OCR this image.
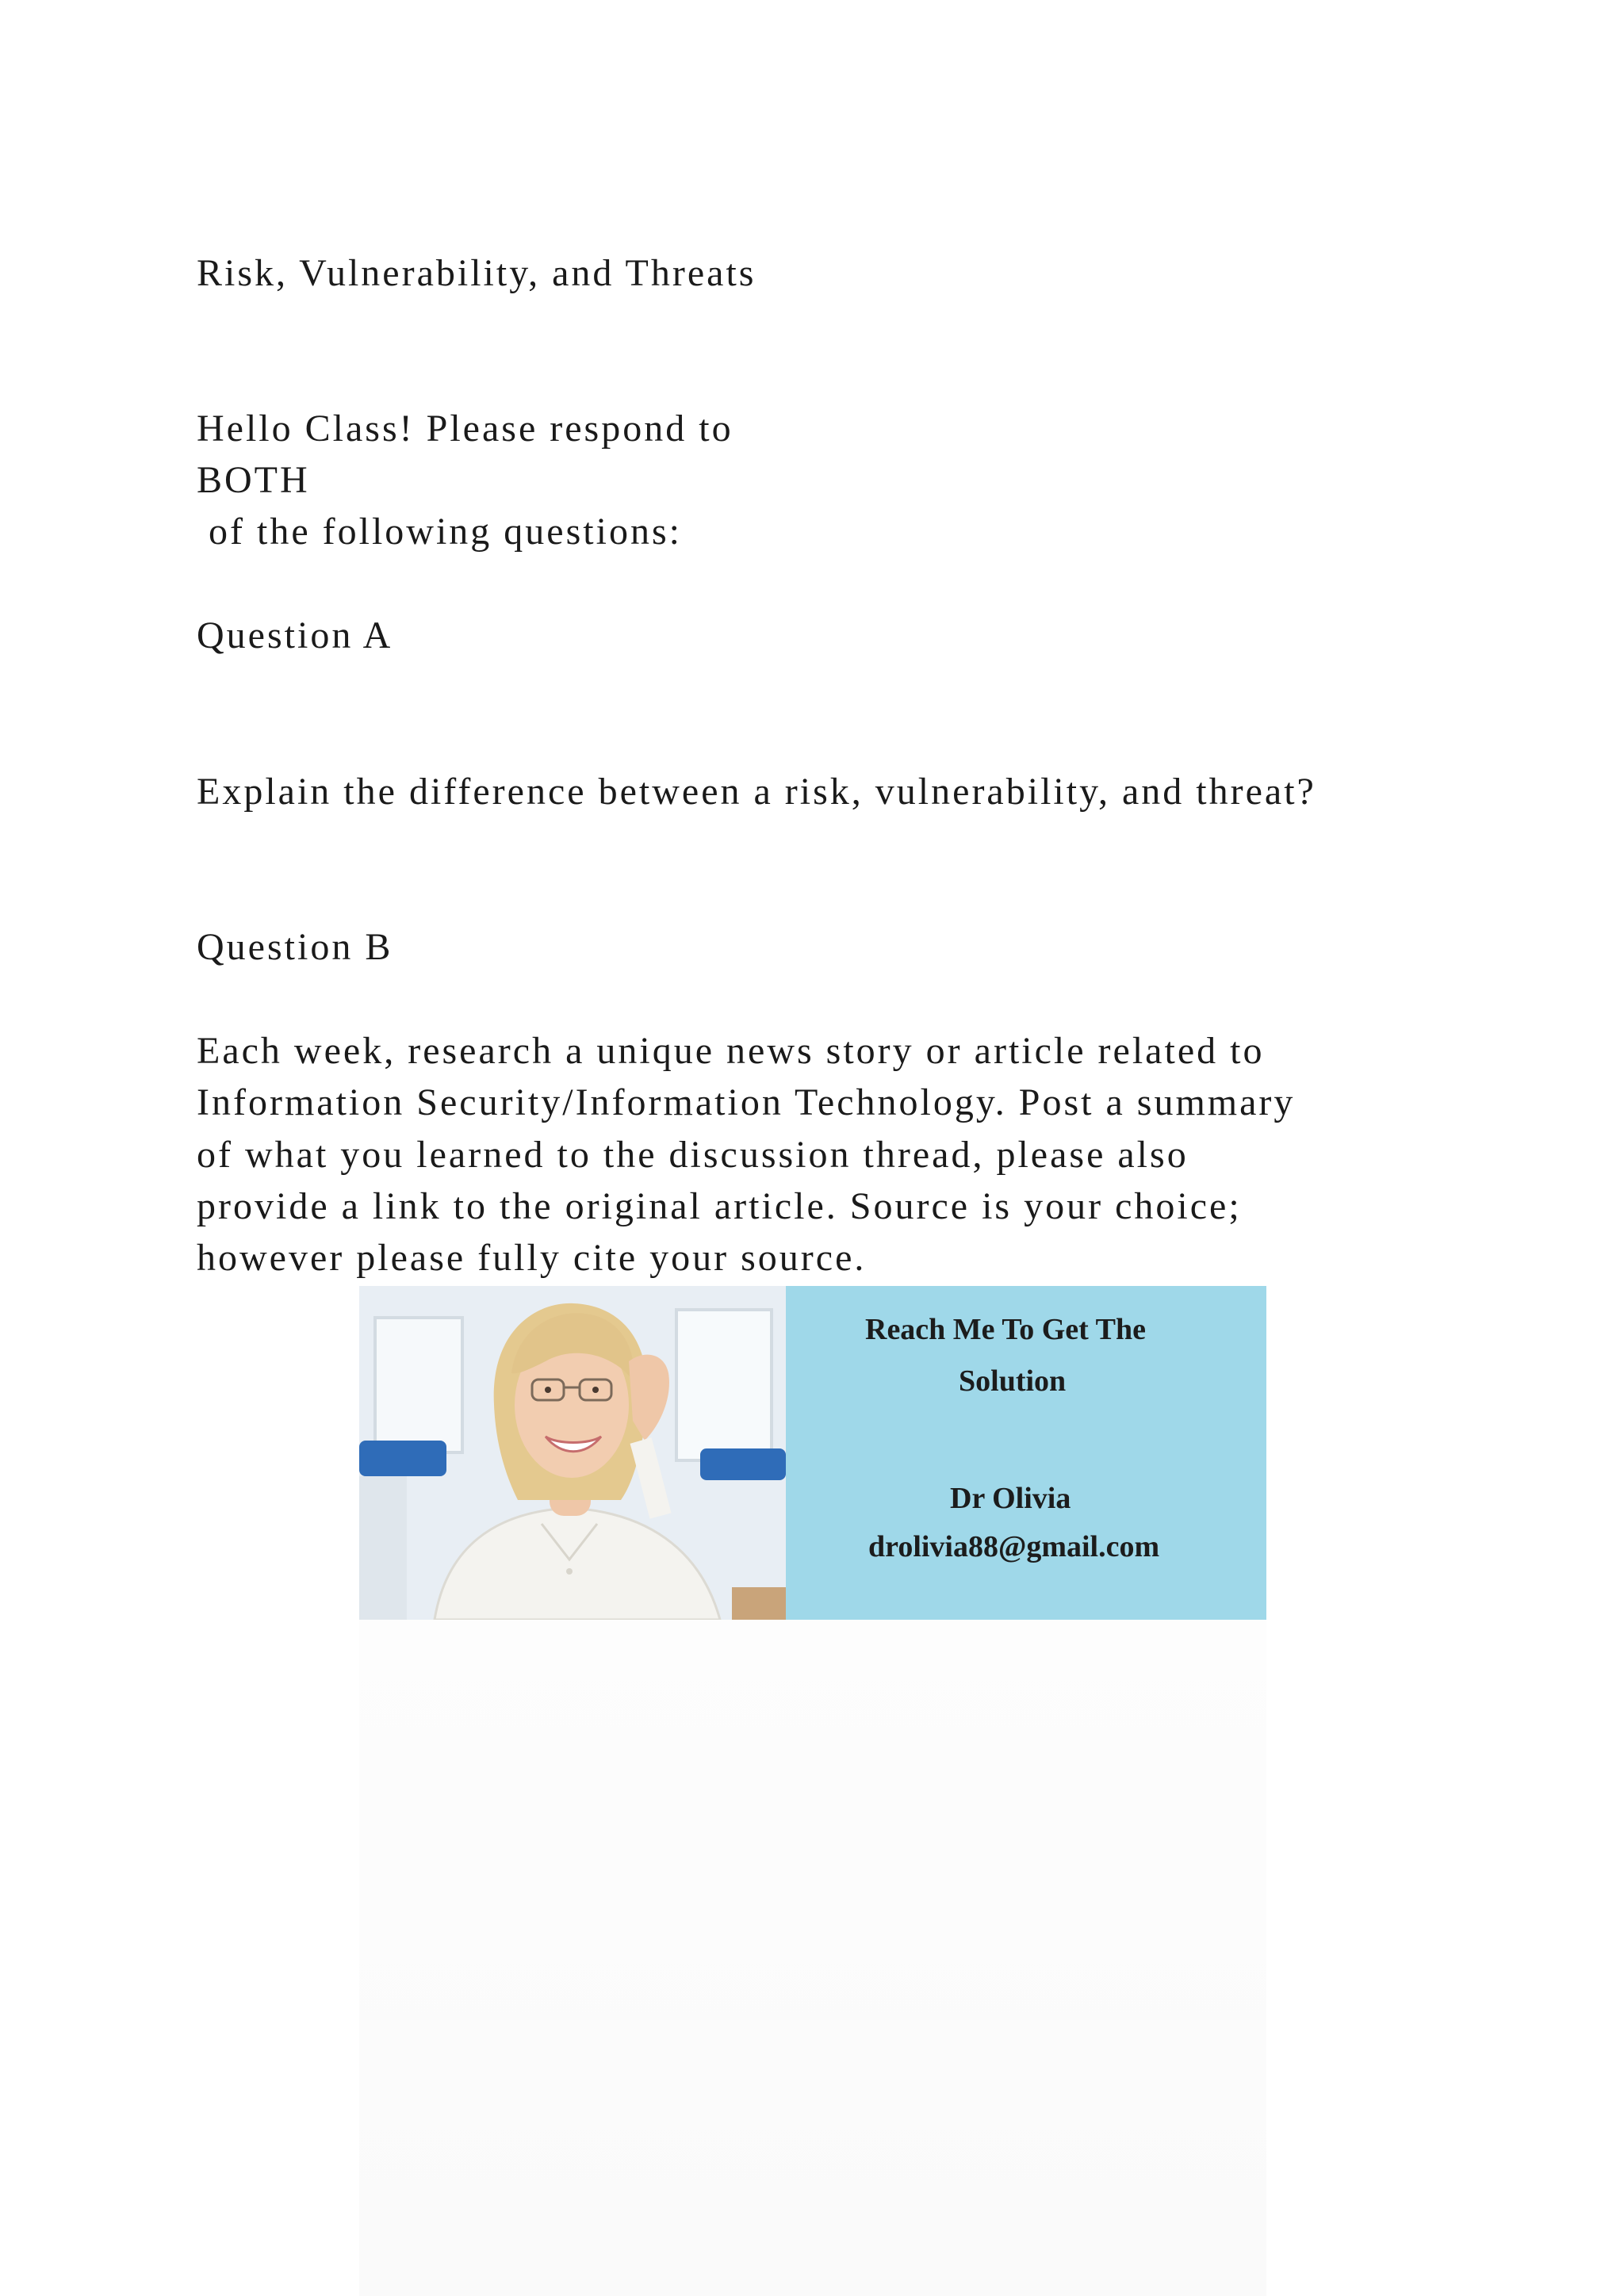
Risk, Vulnerability, and Threats

Hello Class! Please respond to

BOTH

of the following questions:

Question A

Explain the difference between a risk, vulnerability, and threat?

Question B

Each week, research a unique news story or article related to

Information Security/Information Technology. Post a summary

of what you learned to the discussion thread, please also

provide a link to the original article. Source is your choice;

however please fully cite your source.

Reach Me To Get The
Solution
Dr Olivia
drolivia88@gmail.com
